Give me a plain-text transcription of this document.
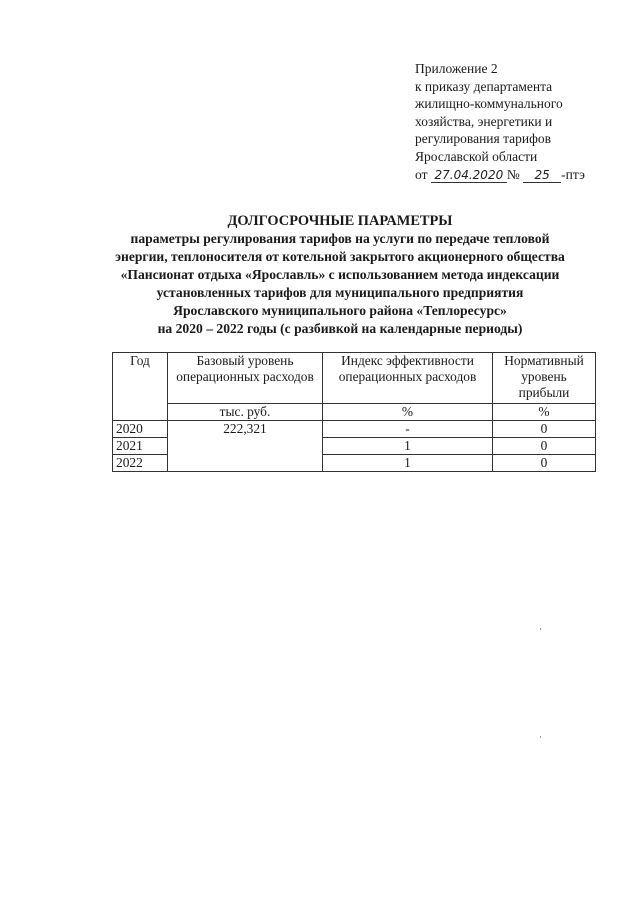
Приложение 2
к приказу департамента
жилищно-коммунального
хозяйства, энергетики и
регулирования тарифов
Ярославской области
от 27.04.2020 № 25 -птэ
ДОЛГОСРОЧНЫЕ ПАРАМЕТРЫ
параметры регулирования тарифов на услуги по передаче тепловой
энергии, теплоносителя от котельной закрытого акционерного общества
«Пансионат отдыха «Ярославль» с использованием метода индексации
установленных тарифов для муниципального предприятия
Ярославского муниципального района «Теплоресурс»
на 2020 – 2022 годы (с разбивкой на календарные периоды)
Год	Базовый уровень операционных расходов	Индекс эффективности операционных расходов	Нормативный уровень прибыли
	тыс. руб.	%	%
2020	222,321	-	0
2021		1	0
2022		1	0
